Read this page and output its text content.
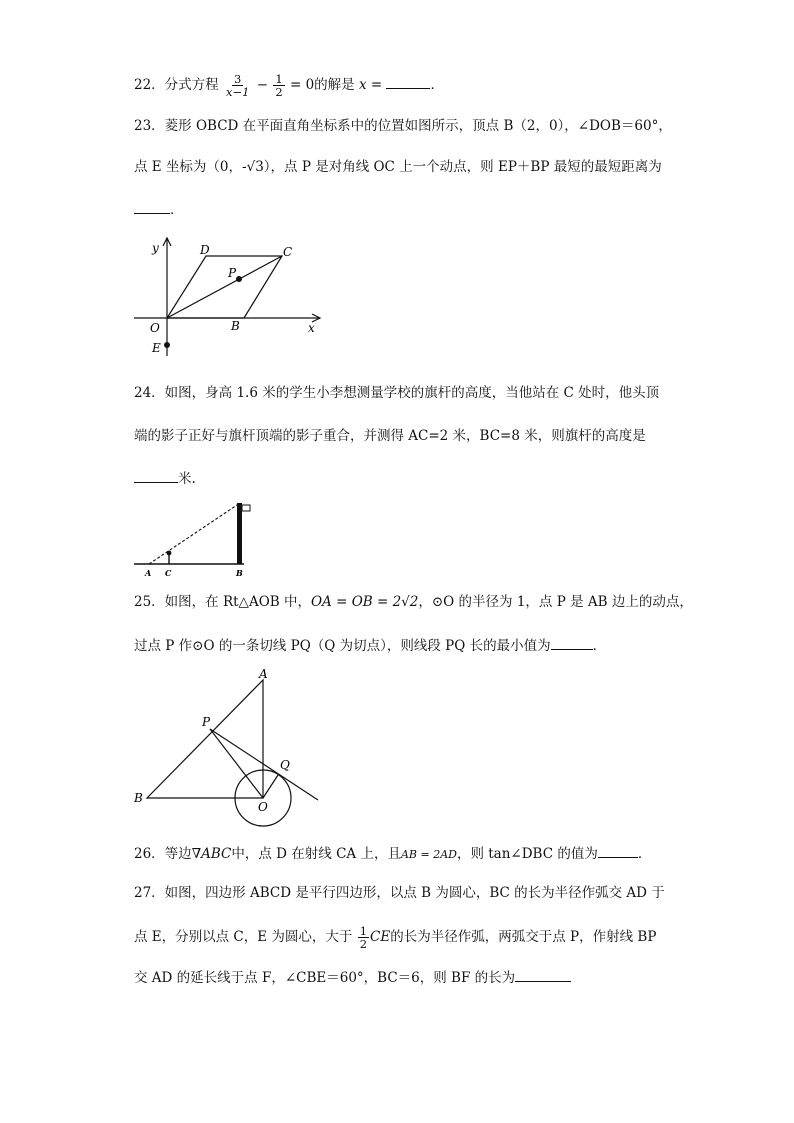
22．分式方程 $\frac{3}{x-1} - \frac{1}{2} = 0$的解是 x =	．
23．菱形 OBCD 在平面直角坐标系中的位置如图所示，顶点 B（2，0），∠DOB＝60°，
点 E 坐标为（0，-√3），点 P 是对角线 OC 上一个动点，则 EP＋BP 最短的最短距离为
．
y
x
O	B
C
D
P
E
24．如图，身高 1.6 米的学生小李想测量学校的旗杆的高度，当他站在 C 处时，他头顶
端的影子正好与旗杆顶端的影子重合，并测得 AC=2 米，BC=8 米，则旗杆的高度是
米.
A C	B
25．如图，在 Rt△AOB 中，OA = OB = 2√2，⊙O 的半径为 1，点 P 是 AB 边上的动点，
过点 P 作⊙O 的一条切线 PQ（Q 为切点），则线段 PQ 长的最小值为	．
A
P
Q
B
O
26．等边∇ABC中，点 D 在射线 CA 上，且AB = 2AD，则 tan∠DBC 的值为	．
27．如图，四边形 ABCD 是平行四边形，以点 B 为圆心，BC 的长为半径作弧交 AD 于
点 E，分别以点 C，E 为圆心，大于 $\frac{1}{2}$ CE的长为半径作弧，两弧交于点 P，作射线 BP
交 AD 的延长线于点 F，∠CBE＝60°，BC＝6，则 BF 的长为
